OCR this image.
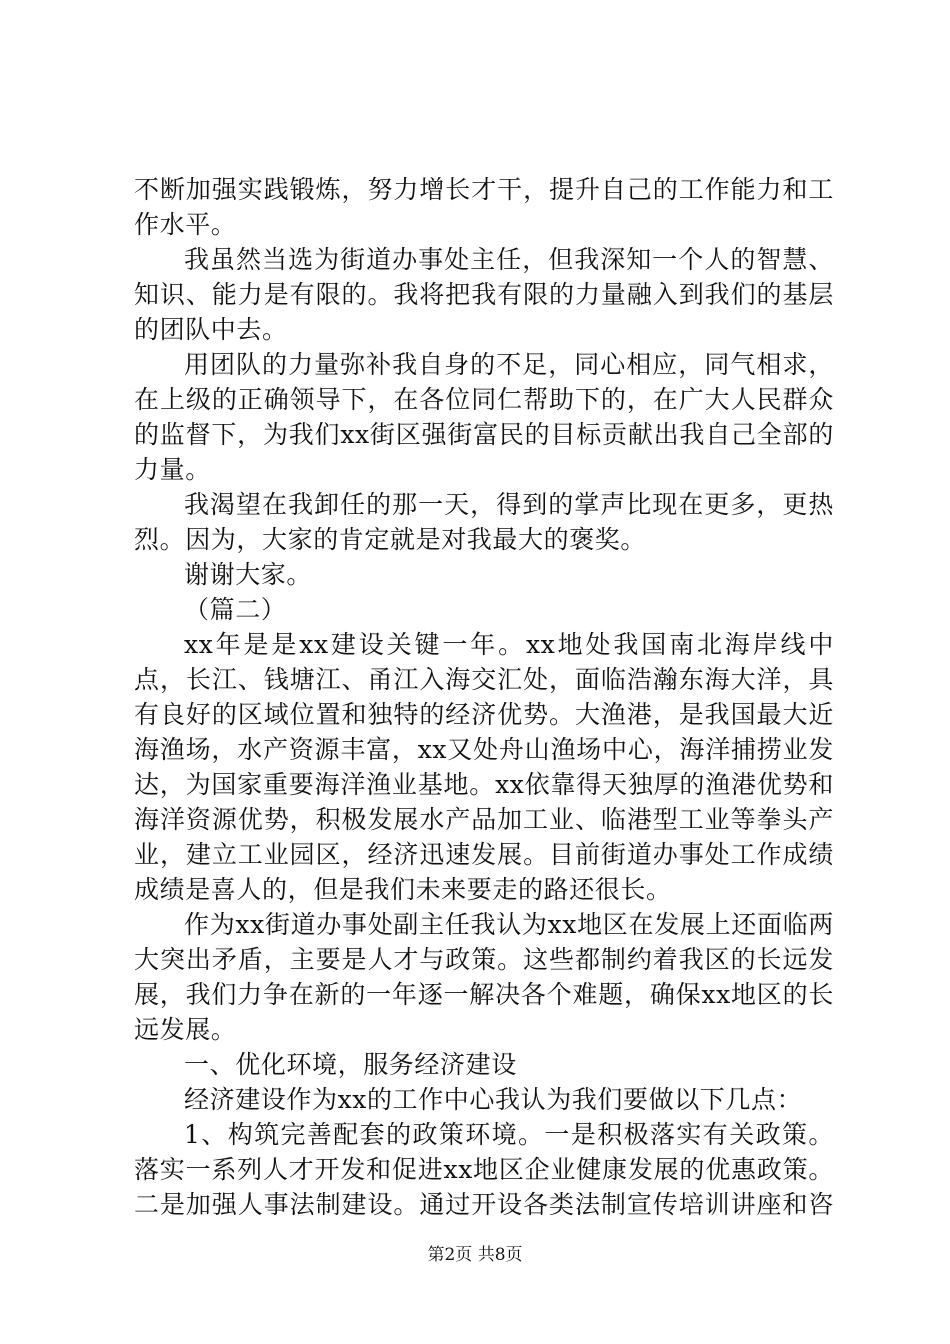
不断加强实践锻炼，努力增长才干，提升自己的工作能力和工作水平。

我虽然当选为街道办事处主任，但我深知一个人的智慧、知识、能力是有限的。我将把我有限的力量融入到我们的基层的团队中去。

用团队的力量弥补我自身的不足，同心相应，同气相求，在上级的正确领导下，在各位同仁帮助下的，在广大人民群众的监督下，为我们xx街区强街富民的目标贡献出我自己全部的力量。

我渴望在我卸任的那一天，得到的掌声比现在更多，更热烈。因为，大家的肯定就是对我最大的褒奖。

谢谢大家。

（篇二）

xx年是是xx建设关键一年。xx地处我国南北海岸线中点，长江、钱塘江、甬江入海交汇处，面临浩瀚东海大洋，具有良好的区域位置和独特的经济优势。大渔港，是我国最大近海渔场，水产资源丰富，xx又处舟山渔场中心，海洋捕捞业发达，为国家重要海洋渔业基地。xx依靠得天独厚的渔港优势和海洋资源优势，积极发展水产品加工业、临港型工业等拳头产业，建立工业园区，经济迅速发展。目前街道办事处工作成绩成绩是喜人的，但是我们未来要走的路还很长。

作为xx街道办事处副主任我认为xx地区在发展上还面临两大突出矛盾，主要是人才与政策。这些都制约着我区的长远发展，我们力争在新的一年逐一解决各个难题，确保xx地区的长远发展。

一、优化环境，服务经济建设

经济建设作为xx的工作中心我认为我们要做以下几点：

1、构筑完善配套的政策环境。一是积极落实有关政策。落实一系列人才开发和促进xx地区企业健康发展的优惠政策。二是加强人事法制建设。通过开设各类法制宣传培训讲座和咨

第2页 共8页
